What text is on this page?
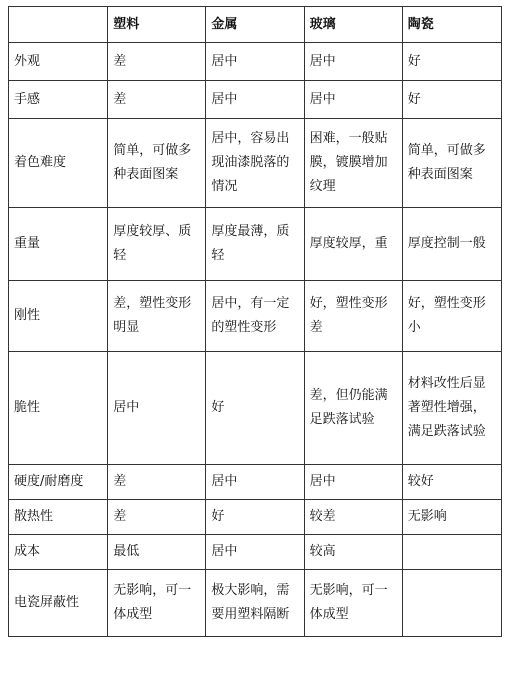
	塑料	金属	玻璃	陶瓷
外观	差	居中	居中	好
手感	差	居中	居中	好
着色难度	简单，可做多种表面图案	居中，容易出现油漆脱落的情况	困难，一般贴膜，镀膜增加纹理	简单，可做多种表面图案
重量	厚度较厚、质轻	厚度最薄，质轻	厚度较厚，重	厚度控制一般
刚性	差，塑性变形明显	居中，有一定的塑性变形	好，塑性变形差	好，塑性变形小
脆性	居中	好	差，但仍能满足跌落试验	材料改性后显著塑性增强，满足跌落试验
硬度/耐磨度	差	居中	居中	较好
散热性	差	好	较差	无影响
成本	最低	居中	较高	
电瓷屏蔽性	无影响，可一体成型	极大影响，需要用塑料隔断	无影响，可一体成型	
